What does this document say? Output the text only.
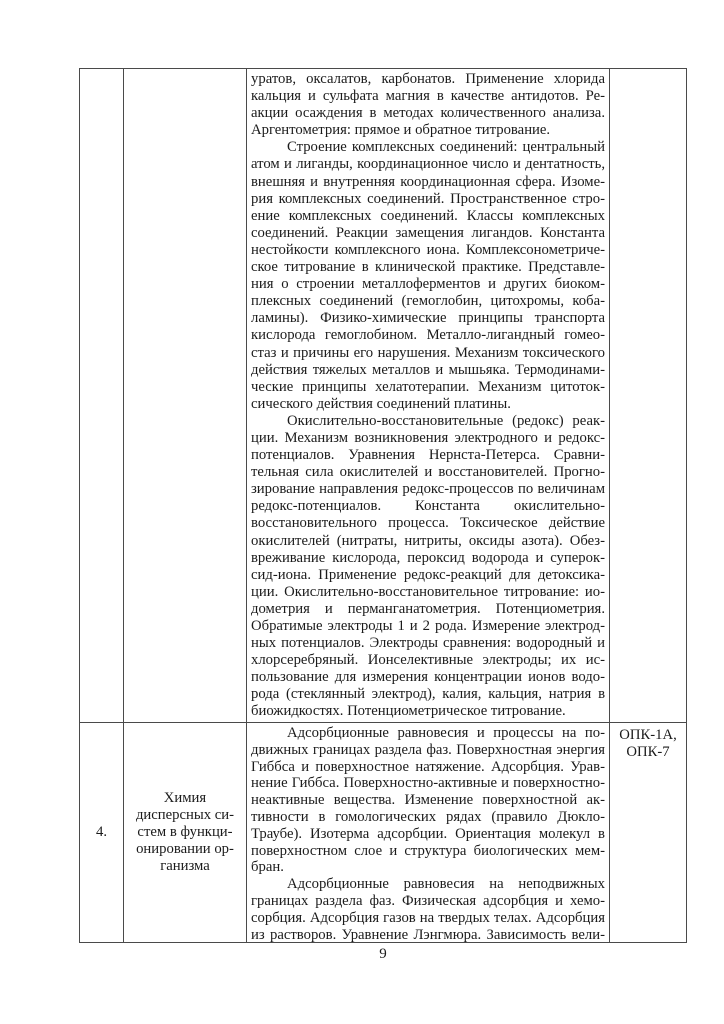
уратов, оксалатов, карбонатов. Применение хлорида
кальция и сульфата магния в качестве антидотов. Ре-
акции осаждения в методах количественного анализа.
Аргентометрия: прямое и обратное титрование.
Строение комплексных соединений: центральный
атом и лиганды, координационное число и дентатность,
внешняя и внутренняя координационная сфера. Изоме-
рия комплексных соединений. Пространственное стро-
ение комплексных соединений. Классы комплексных
соединений. Реакции замещения лигандов. Константа
нестойкости комплексного иона. Комплексонометриче-
ское титрование в клинической практике. Представле-
ния о строении металлоферментов и других биоком-
плексных соединений (гемоглобин, цитохромы, коба-
ламины). Физико-химические принципы транспорта
кислорода гемоглобином. Металло-лигандный гомео-
стаз и причины его нарушения. Механизм токсического
действия тяжелых металлов и мышьяка. Термодинами-
ческие принципы хелатотерапии. Механизм цитоток-
сического действия соединений платины.
Окислительно-восстановительные (редокс) реак-
ции. Механизм возникновения электродного и редокс-
потенциалов. Уравнения Нернста-Петерса. Сравни-
тельная сила окислителей и восстановителей. Прогно-
зирование направления редокс-процессов по величинам
редокс-потенциалов. Константа окислительно-
восстановительного процесса. Токсическое действие
окислителей (нитраты, нитриты, оксиды азота). Обез-
вреживание кислорода, пероксид водорода и суперок-
сид-иона. Применение редокс-реакций для детоксика-
ции. Окислительно-восстановительное титрование: ио-
дометрия и перманганатометрия. Потенциометрия.
Обратимые электроды 1 и 2 рода. Измерение электрод-
ных потенциалов. Электроды сравнения: водородный и
хлорсеребряный. Ионселективные электроды; их ис-
пользование для измерения концентрации ионов водо-
рода (стеклянный электрод), калия, кальция, натрия в
биожидкостях. Потенциометрическое титрование.
4.
Химия
дисперсных си-
стем в функци-
онировании ор-
ганизма
Адсорбционные равновесия и процессы на по-
движных границах раздела фаз. Поверхностная энергия
Гиббса и поверхностное натяжение. Адсорбция. Урав-
нение Гиббса. Поверхностно-активные и поверхностно-
неактивные вещества. Изменение поверхностной ак-
тивности в гомологических рядах (правило Дюкло-
Траубе). Изотерма адсорбции. Ориентация молекул в
поверхностном слое и структура биологических мем-
бран.
Адсорбционные равновесия на неподвижных
границах раздела фаз. Физическая адсорбция и хемо-
сорбция. Адсорбция газов на твердых телах. Адсорбция
из растворов. Уравнение Лэнгмюра. Зависимость вели-
ОПК-1А,
ОПК-7
9
